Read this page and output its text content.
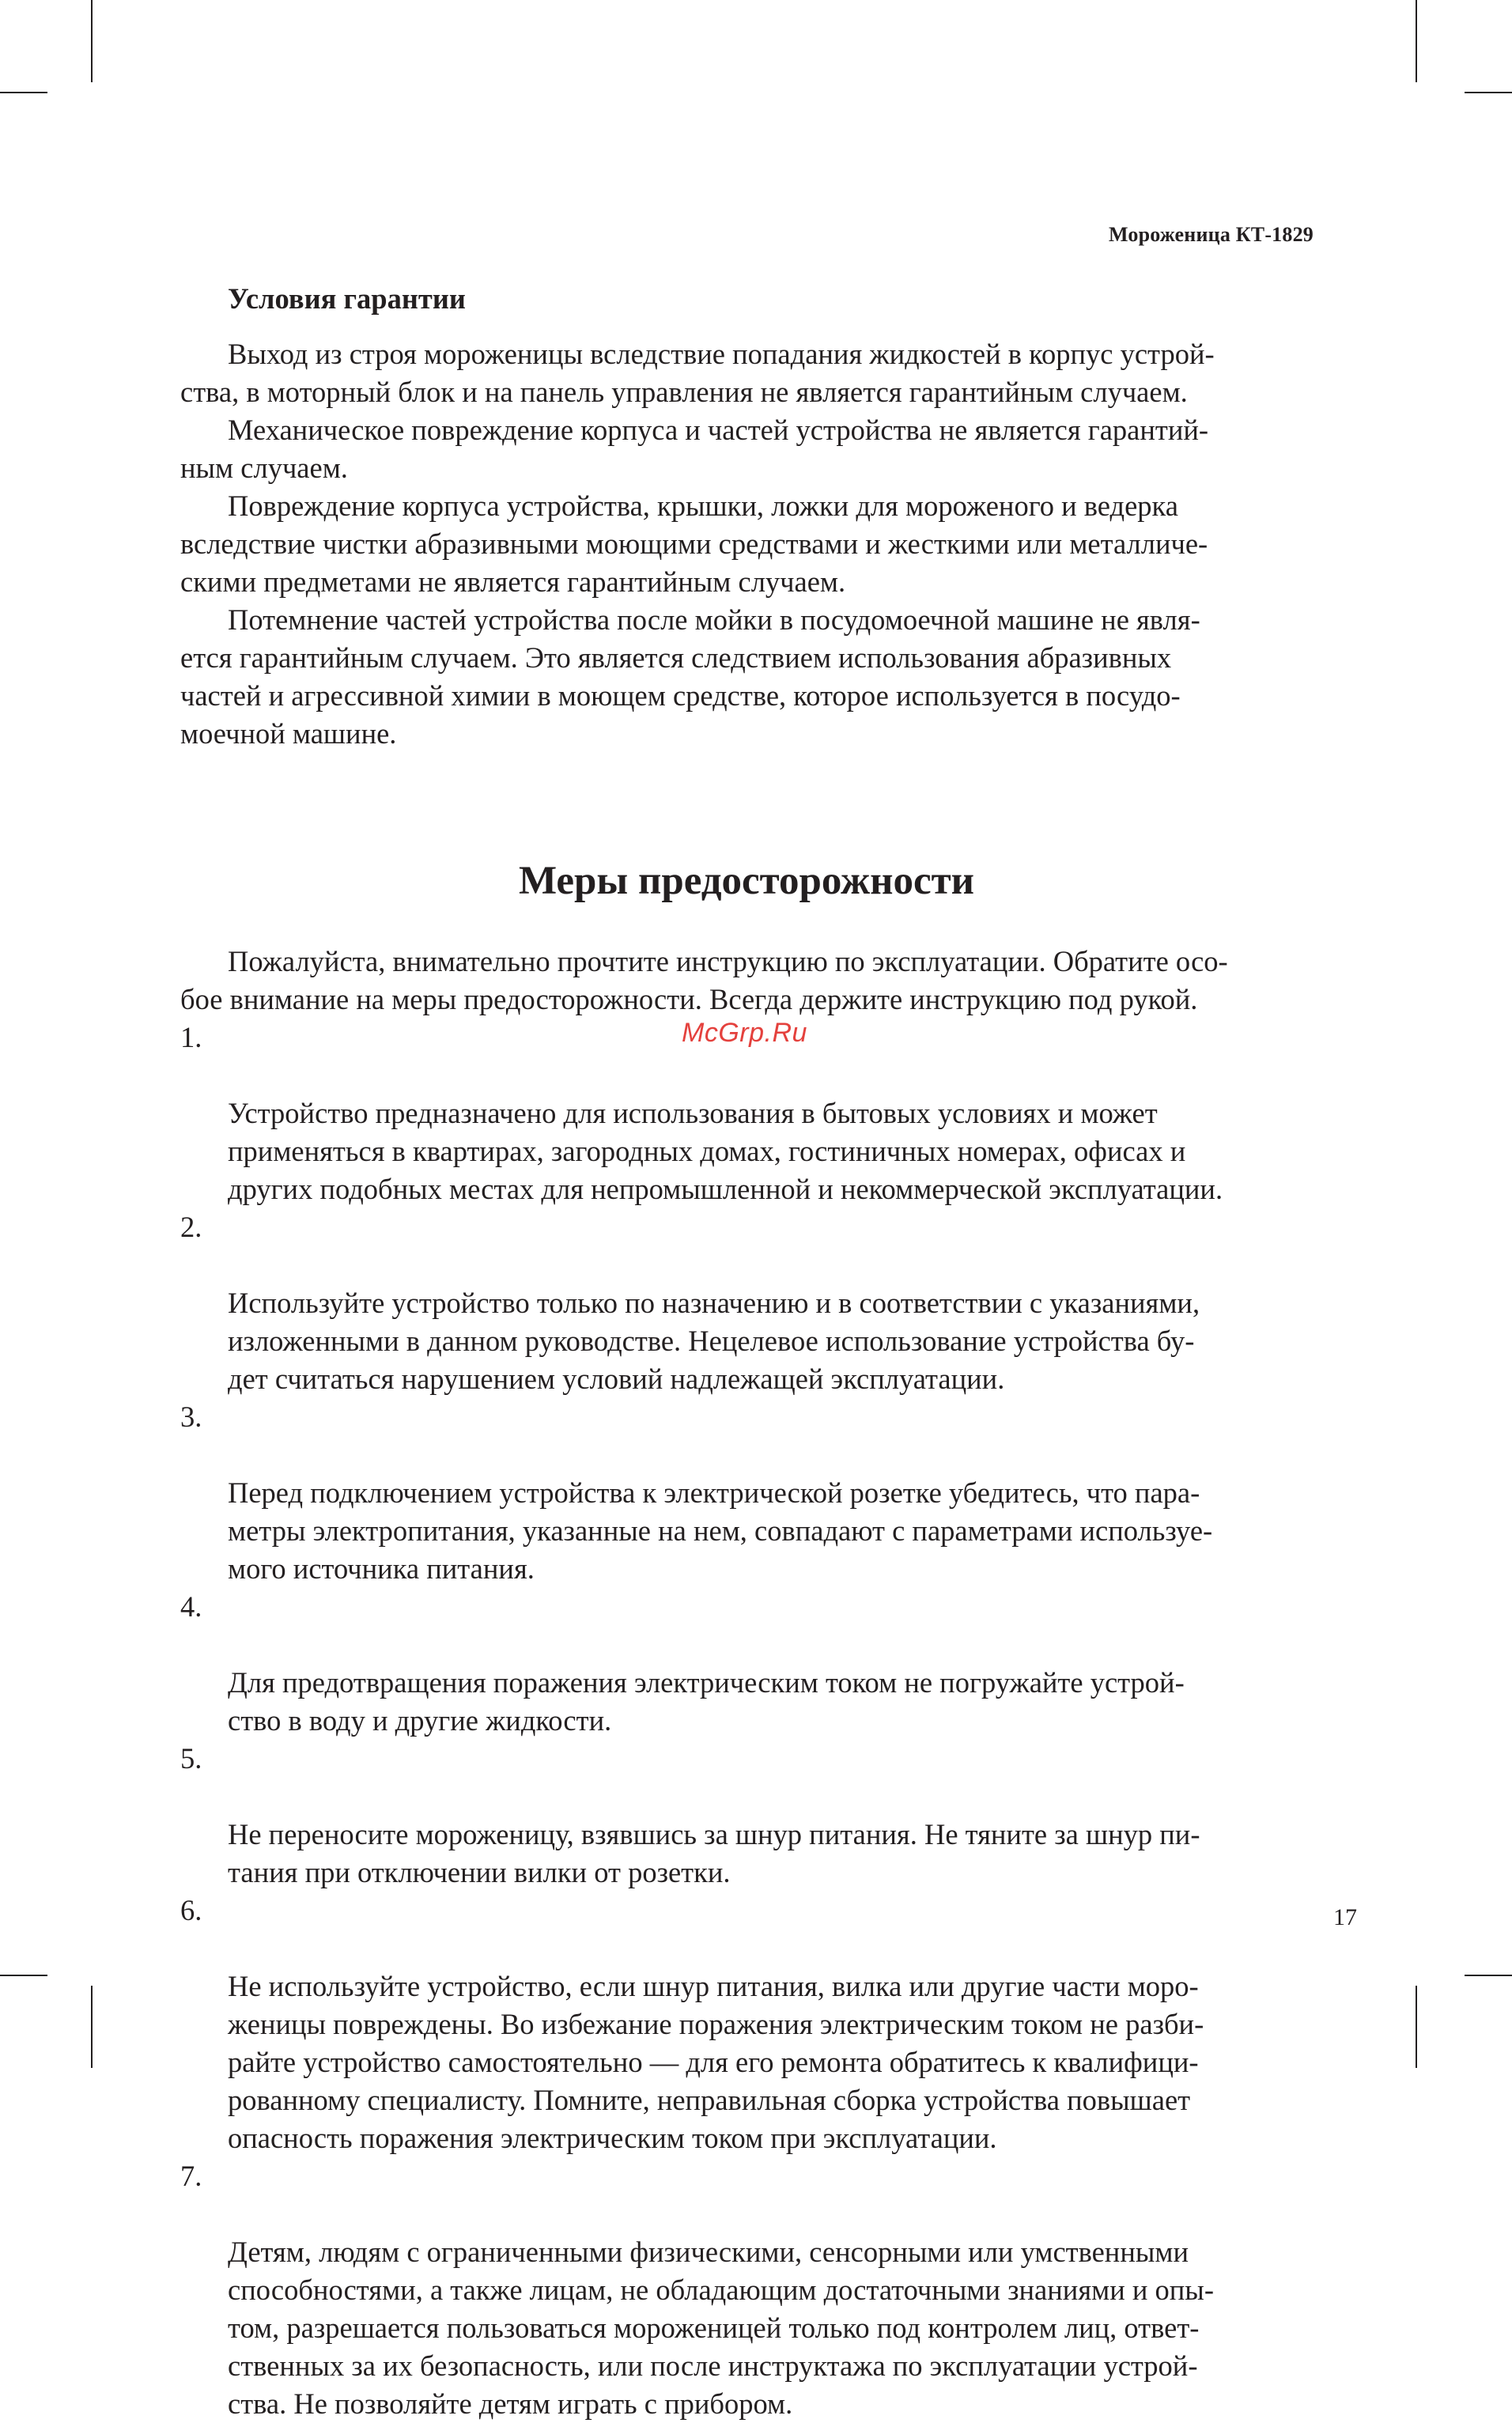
Мороженица КТ-1829
Условия гарантии

Выход из строя мороженицы вследствие попадания жидкостей в корпус устрой-
ства, в моторный блок и на панель управления не является гарантийным случаем.

Механическое повреждение корпуса и частей устройства не является гарантий-
ным случаем.

Повреждение корпуса устройства, крышки, ложки для мороженого и ведерка
вследствие чистки абразивными моющими средствами и жесткими или металличе-
скими предметами не является гарантийным случаем.

Потемнение частей устройства после мойки в посудомоечной машине не явля-
ется гарантийным случаем. Это является следствием использования абразивных
частей и агрессивной химии в моющем средстве, которое используется в посудо-
моечной машине.

Меры предосторожности

Пожалуйста, внимательно прочтите инструкцию по эксплуатации. Обратите осо-
бое внимание на меры предосторожности. Всегда держите инструкцию под рукой.

1.

Устройство предназначено для использования в бытовых условиях и может
применяться в квартирах, загородных домах, гостиничных номерах, офисах и
других подобных местах для непромышленной и некоммерческой эксплуатации.

2.

Используйте устройство только по назначению и в соответствии с указаниями,
изложенными в данном руководстве. Нецелевое использование устройства бу-
дет считаться нарушением условий надлежащей эксплуатации.

3.

Перед подключением устройства к электрической розетке убедитесь, что пара-
метры электропитания, указанные на нем, совпадают с параметрами используе-
мого источника питания.

4.

Для предотвращения поражения электрическим током не погружайте устрой-
ство в воду и другие жидкости.

5.

Не переносите мороженицу, взявшись за шнур питания. Не тяните за шнур пи-
тания при отключении вилки от розетки.

6.

Не используйте устройство, если шнур питания, вилка или другие части моро-
женицы повреждены. Во избежание поражения электрическим током не разби-
райте устройство самостоятельно — для его ремонта обратитесь к квалифици-
рованному специалисту. Помните, неправильная сборка устройства повышает
опасность поражения электрическим током при эксплуатации.

7.

Детям, людям с ограниченными физическими, сенсорными или умственными
способностями, а также лицам, не обладающим достаточными знаниями и опы-
том, разрешается пользоваться мороженицей только под контролем лиц, ответ-
ственных за их безопасность, или после инструктажа по эксплуатации устрой-
ства. Не позволяйте детям играть с прибором.

McGrp.Ru
17
